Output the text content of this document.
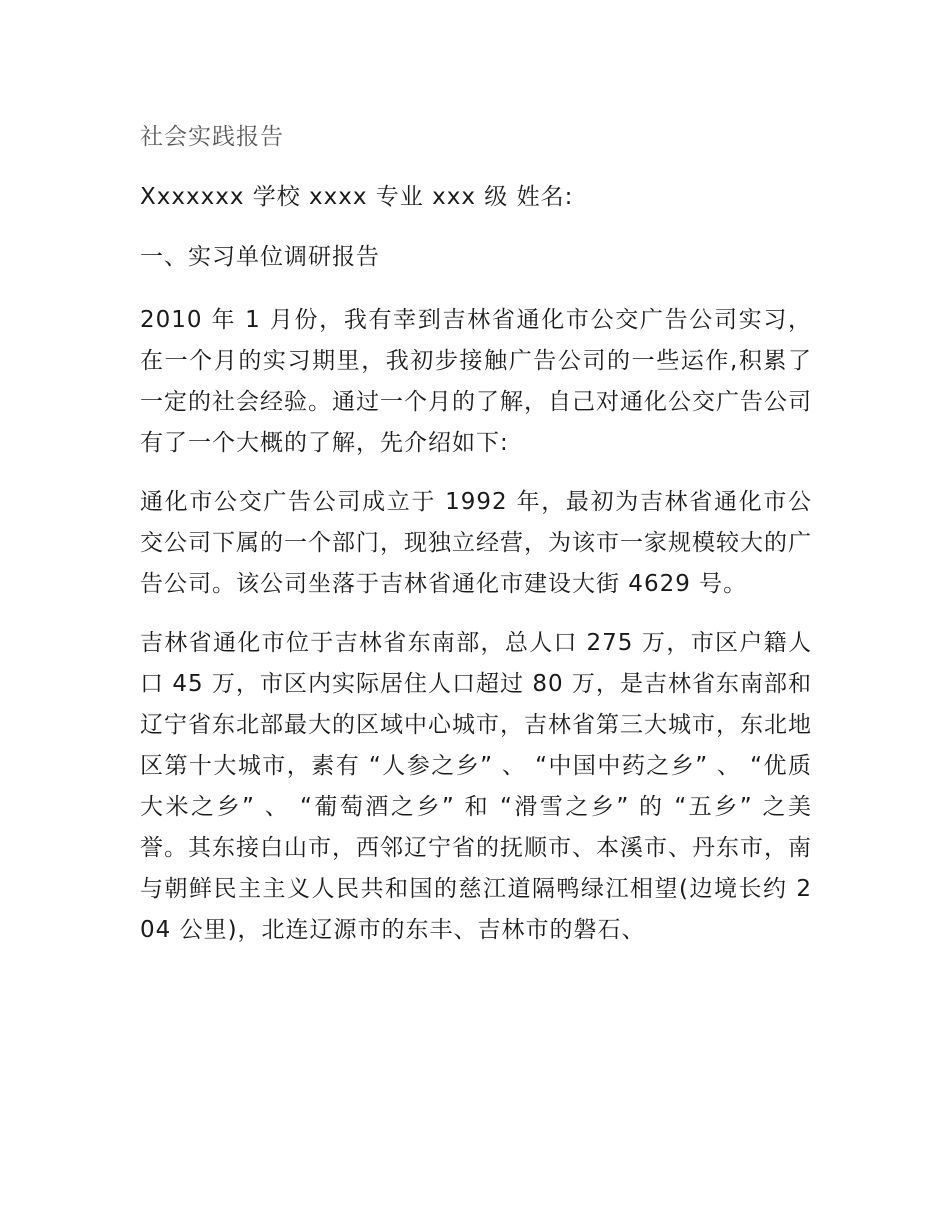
社会实践报告
Xxxxxxx 学校 xxxx 专业 xxx 级 姓名:
一、实习单位调研报告

2010 年 1 月份，我有幸到吉林省通化市公交广告公司实习，在一个月的实习期里，我初步接触广告公司的一些运作,积累了一定的社会经验。通过一个月的了解，自己对通化公交广告公司有了一个大概的了解，先介绍如下:

通化市公交广告公司成立于 1992 年，最初为吉林省通化市公交公司下属的一个部门，现独立经营，为该市一家规模较大的广告公司。该公司坐落于吉林省通化市建设大街 4629 号。

吉林省通化市位于吉林省东南部，总人口 275 万，市区户籍人口 45 万，市区内实际居住人口超过 80 万，是吉林省东南部和辽宁省东北部最大的区域中心城市，吉林省第三大城市，东北地区第十大城市，素有 “人参之乡” 、 “中国中药之乡” 、 “优质大米之乡” 、 “葡萄酒之乡” 和 “滑雪之乡” 的 “五乡” 之美誉。其东接白山市，西邻辽宁省的抚顺市、本溪市、丹东市，南与朝鲜民主主义人民共和国的慈江道隔鸭绿江相望(边境长约 204 公里)，北连辽源市的东丰、吉林市的磐石、
